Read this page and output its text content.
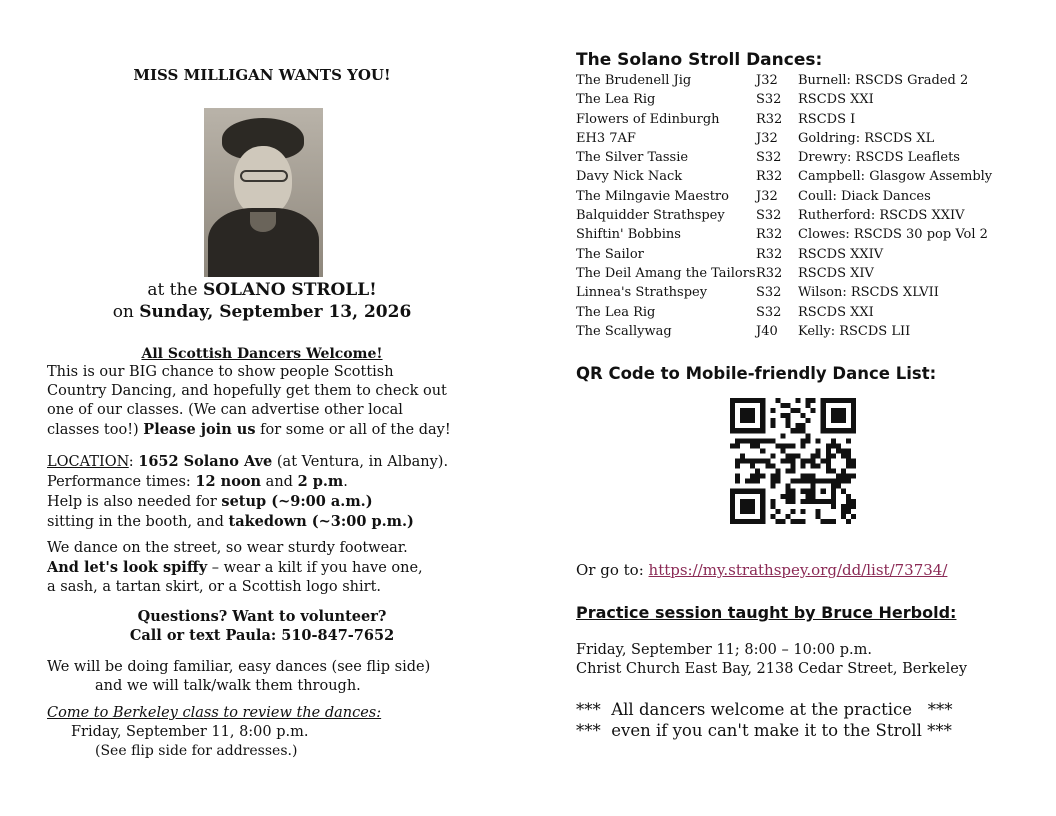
MISS MILLIGAN WANTS YOU!
at the SOLANO STROLL!
on Sunday, September 13, 2026
All Scottish Dancers Welcome!
This is our BIG chance to show people Scottish
Country Dancing, and hopefully get them to check out
one of our classes. (We can advertise other local
classes too!) Please join us for some or all of the day!
LOCATION: 1652 Solano Ave (at Ventura, in Albany).
Performance times: 12 noon and 2 p.m.
Help is also needed for setup (~9:00 a.m.)
sitting in the booth, and takedown (~3:00 p.m.)
We dance on the street, so wear sturdy footwear.
And let's look spiffy – wear a kilt if you have one,
a sash, a tartan skirt, or a Scottish logo shirt.
Questions? Want to volunteer?
Call or text Paula: 510-847-7652
We will be doing familiar, easy dances (see flip side)
and we will talk/walk them through.
Come to Berkeley class to review the dances:
Friday, September 11, 8:00 p.m.
(See flip side for addresses.)
The Solano Stroll Dances:
The Brudenell Jig	J32 Burnell: RSCDS Graded 2
The Lea Rig	S32 RSCDS XXI
Flowers of Edinburgh	R32 RSCDS I
EH3 7AF	J32 Goldring: RSCDS XL
The Silver Tassie	S32 Drewry: RSCDS Leaflets
Davy Nick Nack	R32 Campbell: Glasgow Assembly
The Milngavie Maestro J32 Coull: Diack Dances
Balquidder Strathspey S32 Rutherford: RSCDS XXIV
Shiftin' Bobbins	R32 Clowes: RSCDS 30 pop Vol 2
The Sailor	R32 RSCDS XXIV
The Deil Amang the Tailors R32 RSCDS XIV
Linnea's Strathspey	S32 Wilson: RSCDS XLVII
The Lea Rig	S32 RSCDS XXI
The Scallywag	J40 Kelly: RSCDS LII
QR Code to Mobile-friendly Dance List:
Or go to: https://my.strathspey.org/dd/list/73734/
Practice session taught by Bruce Herbold:
Friday, September 11; 8:00 – 10:00 p.m.
Christ Church East Bay, 2138 Cedar Street, Berkeley
***  All dancers welcome at the practice   ***
***  even if you can't make it to the Stroll ***
